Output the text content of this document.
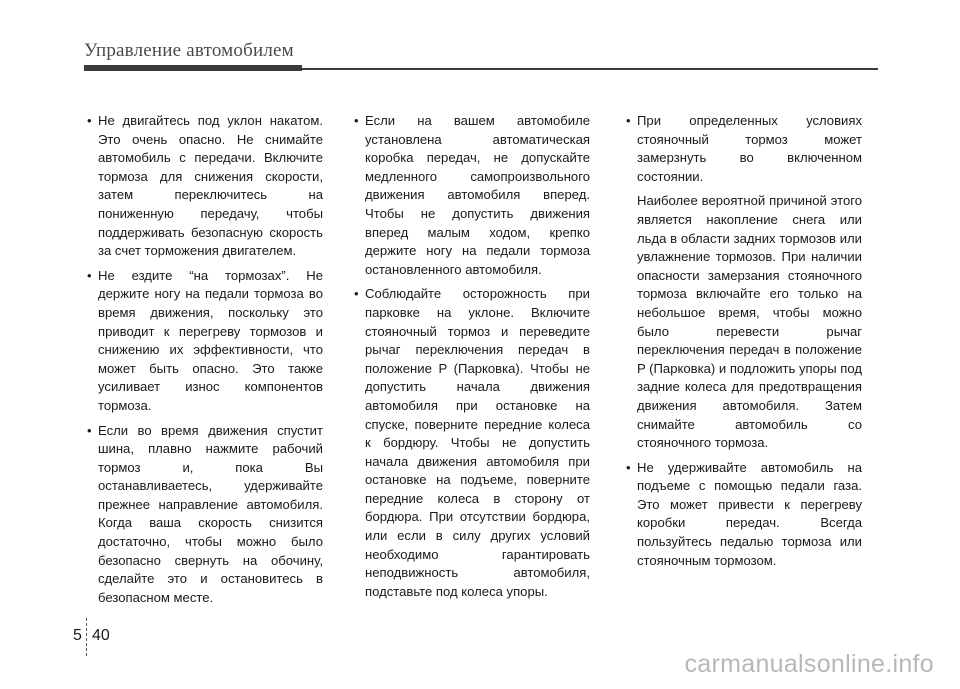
Управление автомобилем
• Не двигайтесь под уклон накатом. Это очень опасно. Не снимайте автомобиль с передачи. Включите тормоза для снижения скорости, затем переключитесь на пониженную передачу, чтобы поддерживать безопасную скорость за счет торможения двигателем.

• Не ездите “на тормозах”. Не держите ногу на педали тормоза во время движения, поскольку это приводит к перегреву тормозов и снижению их эффективности, что может быть опасно. Это также усиливает износ компонентов тормоза.

• Если во время движения спустит шина, плавно нажмите рабочий тормоз и, пока Вы останавливаетесь, удерживайте прежнее направление автомобиля. Когда ваша скорость снизится достаточно, чтобы можно было безопасно свернуть на обочину, сделайте это и остановитесь в безопасном месте.

• Если на вашем автомобиле установлена автоматическая коробка передач, не допускайте медленного самопроизвольного движения автомобиля вперед. Чтобы не допустить движения вперед малым ходом, крепко держите ногу на педали тормоза остановленного автомобиля.

• Соблюдайте осторожность при парковке на уклоне. Включите стояночный тормоз и переведите рычаг переключения передач в положение P (Парковка). Чтобы не допустить начала движения автомобиля при остановке на спуске, поверните передние колеса к бордюру. Чтобы не допустить начала движения автомобиля при остановке на подъеме, поверните передние колеса в сторону от бордюра. При отсутствии бордюра, или если в силу других условий необходимо гарантировать неподвижность автомобиля, подставьте под колеса упоры.

• При определенных условиях стояночный тормоз может замерзнуть во включенном состоянии.

Наиболее вероятной причиной этого является накопление снега или льда в области задних тормозов или увлажнение тормозов. При наличии опасности замерзания стояночного тормоза включайте его только на небольшое время, чтобы можно было перевести рычаг переключения передач в положение P (Парковка) и подложить упоры под задние колеса для предотвращения движения автомобиля. Затем снимайте автомобиль со стояночного тормоза.

• Не удерживайте автомобиль на подъеме с помощью педали газа. Это может привести к перегреву коробки передач. Всегда пользуйтесь педалью тормоза или стояночным тормозом.

5 40
carmanualsonline.info
